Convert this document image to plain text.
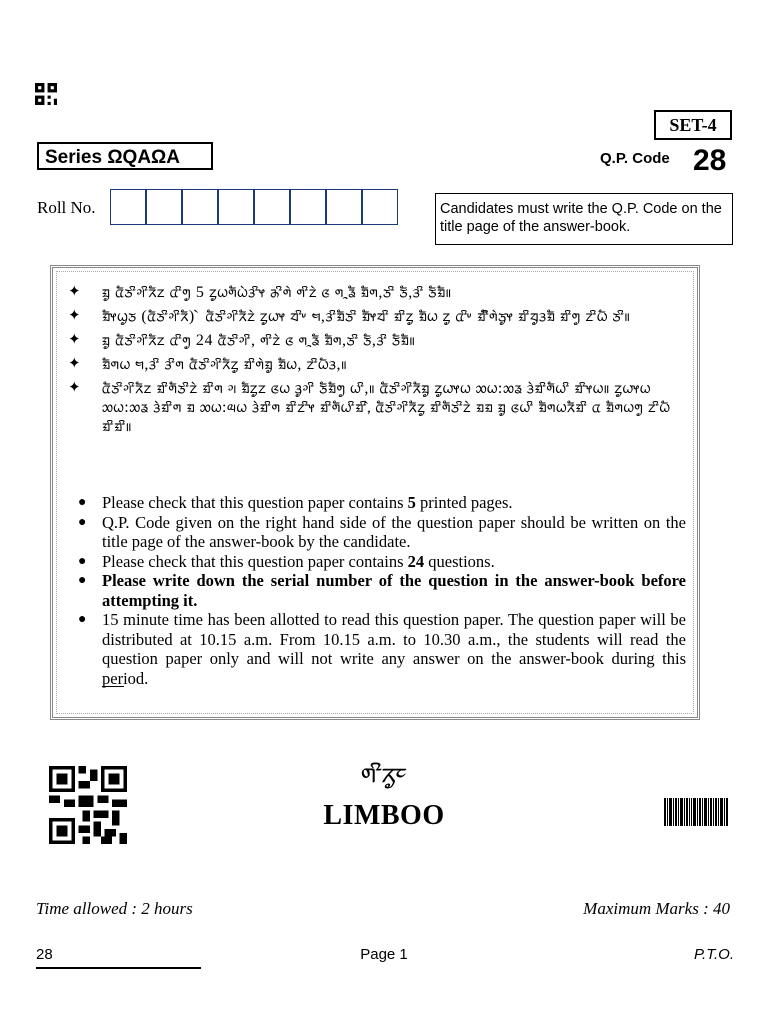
SET-4
Series ΩQAΩA	Q.P. Code 28
Roll No.	Candidates must write the Q.P. Code on the title page of the answer-book.
✦	ᤀᤢ ᤂᤠᤍᤡᤆᤡᤖᤠᤁ ᤂᤡᤛᤢ 5 ᤁᤢᤐᤛᤠᤐᤧᤋᤡᤶ ᤌᤡᤛᤧ ᤛᤡᤁᤧ ᤜ ᤛᤳᤕᤠ ᤀᤠᤛ,ᤍᤡ ᤍᤠ,ᤋᤡ ᤍᤠᤀᤠ॥
✦	ᤀᤠᤶᤐᤢᤍ (ᤂᤠᤍᤡᤆᤡᤖᤠ) ᤧ ᤂᤠᤍᤡᤆᤡᤖᤠᤁᤧ ᤁᤢᤐᤶ ᤔᤡᤸ ᤗ,ᤋᤡᤀᤠᤍᤡ ᤀᤠᤶᤔᤡ ᤀᤡᤁᤢ ᤀᤠᤐ ᤁᤢ ᤂᤡᤸ ᤀᤡᤠᤛᤧᤍᤢᤶ ᤀᤡᤔᤢᤋᤀᤠ ᤀᤡᤛᤢ ᤁᤡᤐᤠ ᤍᤡ॥
✦	ᤀᤢ ᤂᤠᤍᤡᤆᤡᤖᤠᤁ ᤂᤡᤛᤢ 24 ᤂᤠᤍᤡᤆᤡ, ᤛᤡᤁᤧ ᤜ ᤛᤳᤕᤠ ᤀᤠᤛ,ᤍᤡ ᤍᤠ,ᤋᤡ ᤍᤠᤀᤠ॥
✦	ᤀᤠᤛᤐ ᤗ,ᤋᤡ ᤋᤡᤛ ᤂᤠᤍᤡᤆᤡᤖᤠᤁᤢ ᤀᤡᤛᤧᤀᤢ ᤀᤠᤐ, ᤁᤡᤐᤠᤋ,॥
✦	ᤂᤠᤍᤡᤆᤡᤖᤠᤁ ᤀᤡᤛᤠᤍᤡᤁᤧ ᤀᤡᤛ ᤆ ᤀᤠᤁᤢᤁ ᤜᤐ ᤋᤢᤆᤡ ᤍᤠᤀᤠᤛᤢ ᤐᤡ,॥ ᤂᤠᤍᤡᤆᤡᤖᤠᤀᤢ ᤁᤢᤐᤶᤐ ᤑᤐ:ᤑᤕ ᤋᤧᤀᤡᤛᤠᤐᤡ ᤀᤡᤶᤐ॥ ᤁᤢᤐᤶᤐ ᤑᤐ:ᤑᤕ ᤋᤧᤀᤡᤛ ᤀ ᤑᤐ:ᤓᤐ ᤋᤧᤀᤡᤛ ᤀᤡᤁᤡᤶ ᤀᤡᤛᤠᤐᤡᤀᤡ,ᤧ ᤂᤠᤍᤡᤆᤡᤖᤠᤁᤢ ᤀᤡᤛᤠᤍᤡᤁᤧ ᤀᤀ ᤀᤢ ᤜᤐᤡ ᤀᤠᤛᤐᤖᤠᤀᤡ ᤂ ᤀᤠᤛᤐᤛᤢ ᤁᤡᤐᤠ ᤀᤡᤀᤡ॥
● Please check that this question paper contains 5 printed pages.
● Q.P. Code given on the right hand side of the question paper should be written on the title page of the answer-book by the candidate.
● Please check that this question paper contains 24 questions.
● Please write down the serial number of the question in the answer-book before attempting it.
● 15 minute time has been allotted to read this question paper. The question paper will be distributed at 10.15 a.m. From 10.15 a.m. to 10.30 a.m., the students will read the question paper only and will not write any answer on the answer-book during this period.
ᤛᤡᤖᤢᤰ
LIMBOO
Time allowed : 2 hours	Maximum Marks : 40
28	Page 1	P.T.O.
